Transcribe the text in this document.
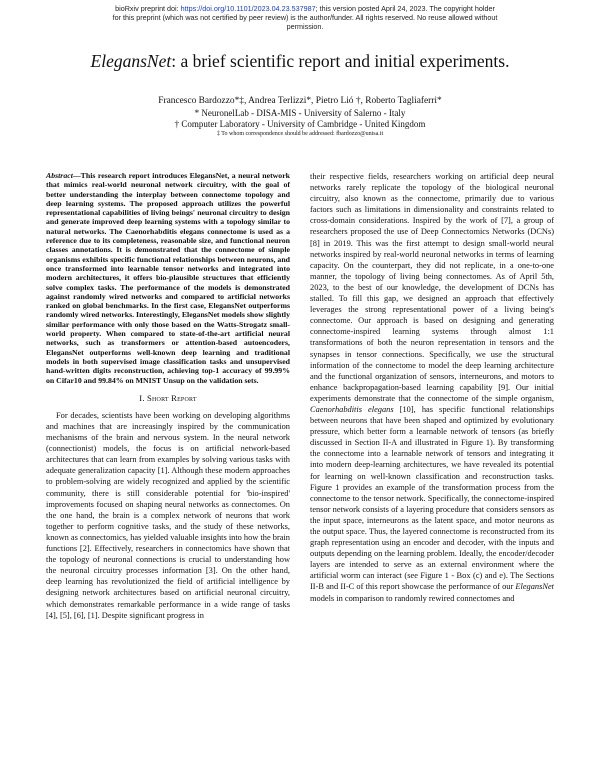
bioRxiv preprint doi: https://doi.org/10.1101/2023.04.23.537987; this version posted April 24, 2023. The copyright holder for this preprint (which was not certified by peer review) is the author/funder. All rights reserved. No reuse allowed without permission.
ElegansNet: a brief scientific report and initial experiments.
Francesco Bardozzo*‡, Andrea Terlizzi*, Pietro Lió †, Roberto Tagliaferri*
* NeuronelLab - DISA-MIS - University of Salerno - Italy
† Computer Laboratory - University of Cambridge - United Kingdom
‡ To whom correspondence should be addressed: fbardozzo@unisa.it

Abstract—This research report introduces ElegansNet, a neural network that mimics real-world neuronal network circuitry, with the goal of better understanding the interplay between connectome topology and deep learning systems. The proposed approach utilizes the powerful representational capabilities of living beings' neuronal circuitry to design and generate improved deep learning systems with a topology similar to natural networks. The Caenorhabditis elegans connectome is used as a reference due to its completeness, reasonable size, and functional neuron classes annotations. It is demonstrated that the connectome of simple organisms exhibits specific functional relationships between neurons, and once transformed into learnable tensor networks and integrated into modern architectures, it offers bio-plausible structures that efficiently solve complex tasks. The performance of the models is demonstrated against randomly wired networks and compared to artificial networks ranked on global benchmarks. In the first case, ElegansNet outperforms randomly wired networks. Interestingly, ElegansNet models show slightly similar performance with only those based on the Watts-Strogatz small-world property. When compared to state-of-the-art artificial neural networks, such as transformers or attention-based autoencoders, ElegansNet outperforms well-known deep learning and traditional models in both supervised image classification tasks and unsupervised hand-written digits reconstruction, achieving top-1 accuracy of 99.99% on Cifar10 and 99.84% on MNIST Unsup on the validation sets.

I. Short Report

For decades, scientists have been working on developing algorithms and machines that are increasingly inspired by the communication mechanisms of the brain and nervous system. In the neural network (connectionist) models, the focus is on artificial network-based architectures that can learn from examples by solving various tasks with adequate generalization capacity [1]. Although these modern approaches to problem-solving are widely recognized and applied by the scientific community, there is still considerable potential for 'bio-inspired' improvements focused on shaping neural networks as connectomes. On the one hand, the brain is a complex network of neurons that work together to perform cognitive tasks, and the study of these networks, known as connectomics, has yielded valuable insights into how the brain functions [2]. Effectively, researchers in connectomics have shown that the topology of neuronal connections is crucial to understanding how the neuronal circuitry processes information [3]. On the other hand, deep learning has revolutionized the field of artificial intelligence by designing network architectures based on artificial neuronal circuitry, which demonstrates remarkable performance in a wide range of tasks [4], [5], [6], [1]. Despite significant progress in

their respective fields, researchers working on artificial deep neural networks rarely replicate the topology of the biological neuronal circuitry, also known as the connectome, primarily due to various factors such as limitations in dimensionality and constraints related to cross-domain considerations. Inspired by the work of [7], a group of researchers proposed the use of Deep Connectomics Networks (DCNs) [8] in 2019. This was the first attempt to design small-world neural networks inspired by real-world neuronal networks in terms of learning capacity. On the counterpart, they did not replicate, in a one-to-one manner, the topology of living being connectomes. As of April 5th, 2023, to the best of our knowledge, the development of DCNs has stalled. To fill this gap, we designed an approach that effectively leverages the strong representational power of a living being's connectome. Our approach is based on designing and generating connectome-inspired learning systems through almost 1:1 transformations of both the neuron representation in tensors and the synapses in tensor connections. Specifically, we use the structural information of the connectome to model the deep learning architecture and the functional organization of sensors, interneurons, and motors to enhance backpropagation-based learning capability [9]. Our initial experiments demonstrate that the connectome of the simple organism, Caenorhabditis elegans [10], has specific functional relationships between neurons that have been shaped and optimized by evolutionary pressure, which better form a learnable network of tensors (as briefly discussed in Section II-A and illustrated in Figure 1). By transforming the connectome into a learnable network of tensors and integrating it into modern deep-learning architectures, we have revealed its potential for learning on well-known classification and reconstruction tasks. Figure 1 provides an example of the transformation process from the connectome to the tensor network. Specifically, the connectome-inspired tensor network consists of a layering procedure that considers sensors as the input space, interneurons as the latent space, and motor neurons as the output space. Thus, the layered connectome is reconstructed from its graph representation using an encoder and decoder, with the inputs and outputs depending on the learning problem. Ideally, the encoder/decoder layers are intended to serve as an external environment where the artificial worm can interact (see Figure 1 - Box (c) and e). The Sections II-B and II-C of this report showcase the performance of our ElegansNet models in comparison to randomly rewired connectomes and
